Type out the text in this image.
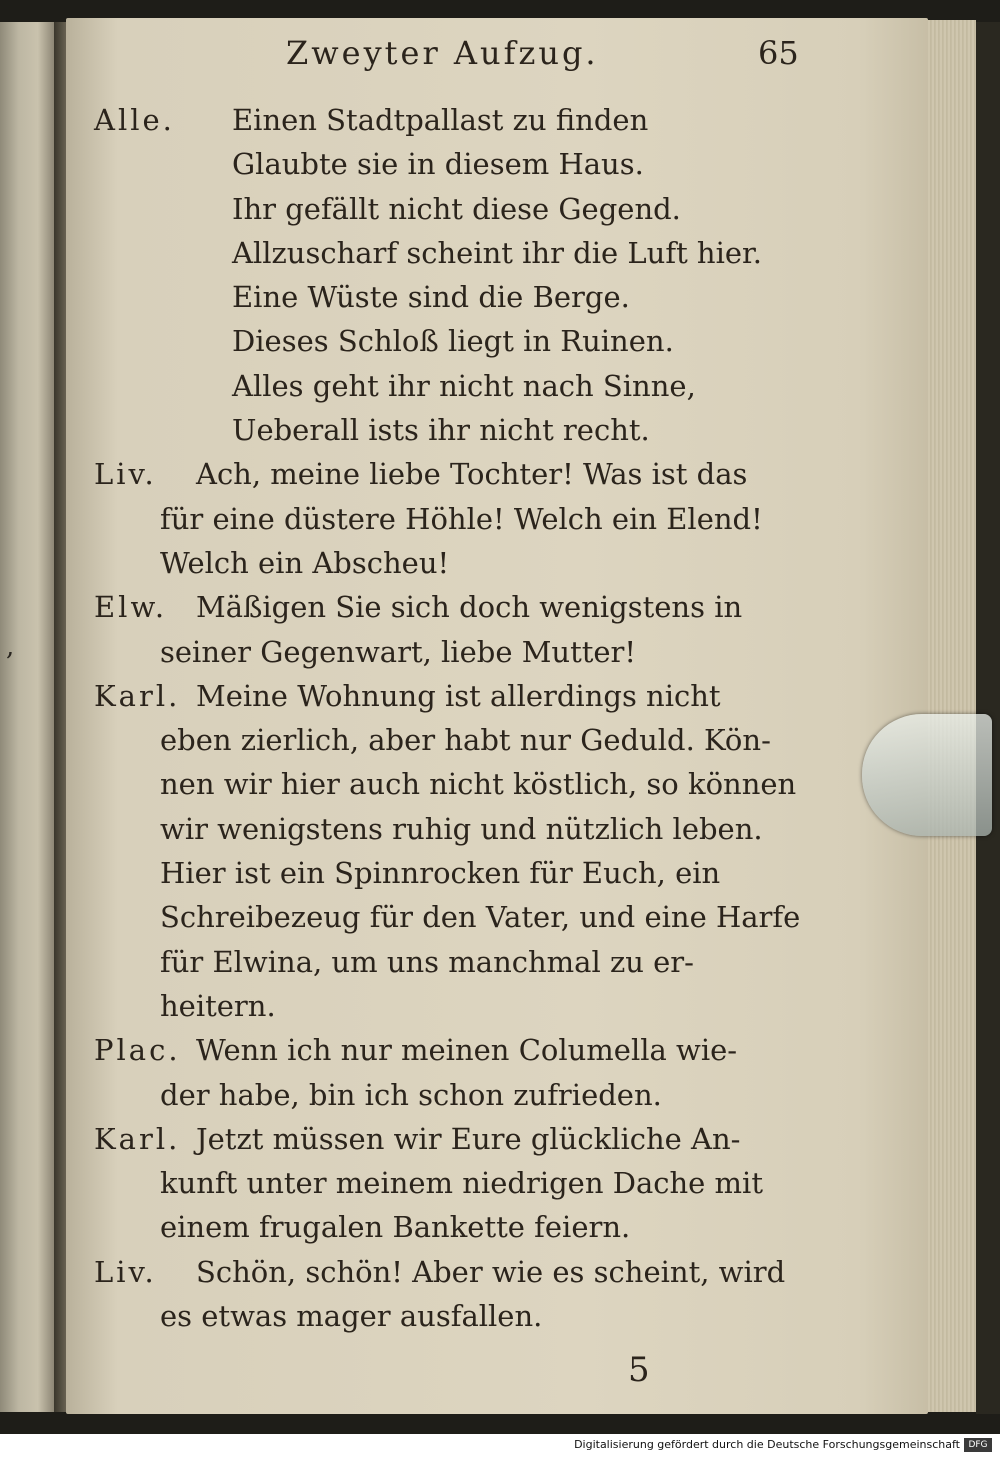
,
Zweyter Aufzug.	65
Alle. Einen Stadtpallast zu finden
Glaubte sie in diesem Haus.
Ihr gefällt nicht diese Gegend.
Allzuscharf scheint ihr die Luft hier.
Eine Wüste sind die Berge.
Dieses Schloß liegt in Ruinen.
Alles geht ihr nicht nach Sinne,
Ueberall ists ihr nicht recht.
Liv. Ach, meine liebe Tochter! Was ist das
für eine düstere Höhle! Welch ein Elend!
Welch ein Abscheu!
Elw. Mäßigen Sie sich doch wenigstens in
seiner Gegenwart, liebe Mutter!
Karl. Meine Wohnung ist allerdings nicht
eben zierlich, aber habt nur Geduld. Kön-
nen wir hier auch nicht köstlich, so können
wir wenigstens ruhig und nützlich leben.
Hier ist ein Spinnrocken für Euch, ein
Schreibezeug für den Vater, und eine Harfe
für Elwina, um uns manchmal zu er-
heitern.
Plac. Wenn ich nur meinen Columella wie-
der habe, bin ich schon zufrieden.
Karl. Jetzt müssen wir Eure glückliche An-
kunft unter meinem niedrigen Dache mit
einem frugalen Bankette feiern.
Liv. Schön, schön! Aber wie es scheint, wird
es etwas mager ausfallen.
5
Digitalisierung gefördert durch die Deutsche Forschungsgemeinschaft DFG
